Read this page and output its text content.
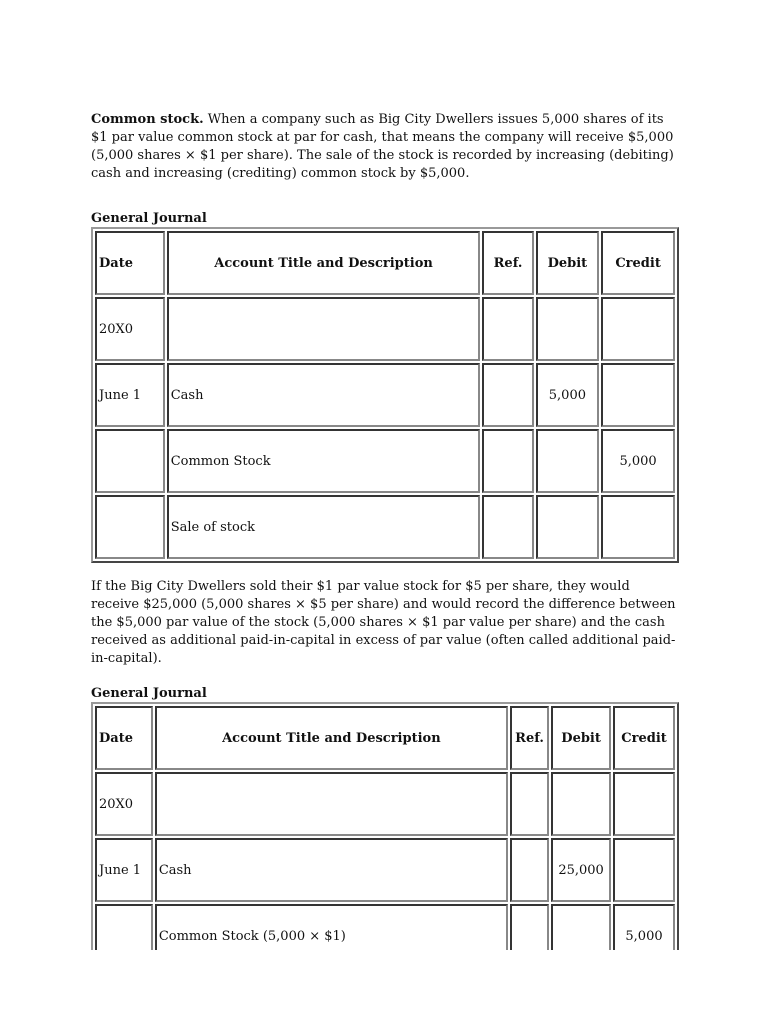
Common stock. When a company such as Big City Dwellers issues 5,000 shares of its $1 par value common stock at par for cash, that means the company will receive $5,000 (5,000 shares × $1 per share). The sale of the stock is recorded by increasing (debiting) cash and increasing (crediting) common stock by $5,000.

General Journal

Date	Account Title and Description	Ref.	Debit	Credit
20X0				
June 1	Cash		5,000	
	Common Stock			5,000
	Sale of stock			

If the Big City Dwellers sold their $1 par value stock for $5 per share, they would receive $25,000 (5,000 shares × $5 per share) and would record the difference between the $5,000 par value of the stock (5,000 shares × $1 par value per share) and the cash received as additional paid-in-capital in excess of par value (often called additional paid-in-capital).

General Journal

Date	Account Title and Description	Ref.	Debit	Credit
20X0				
June 1	Cash		25,000	
	Common Stock (5,000 × $1)			5,000
